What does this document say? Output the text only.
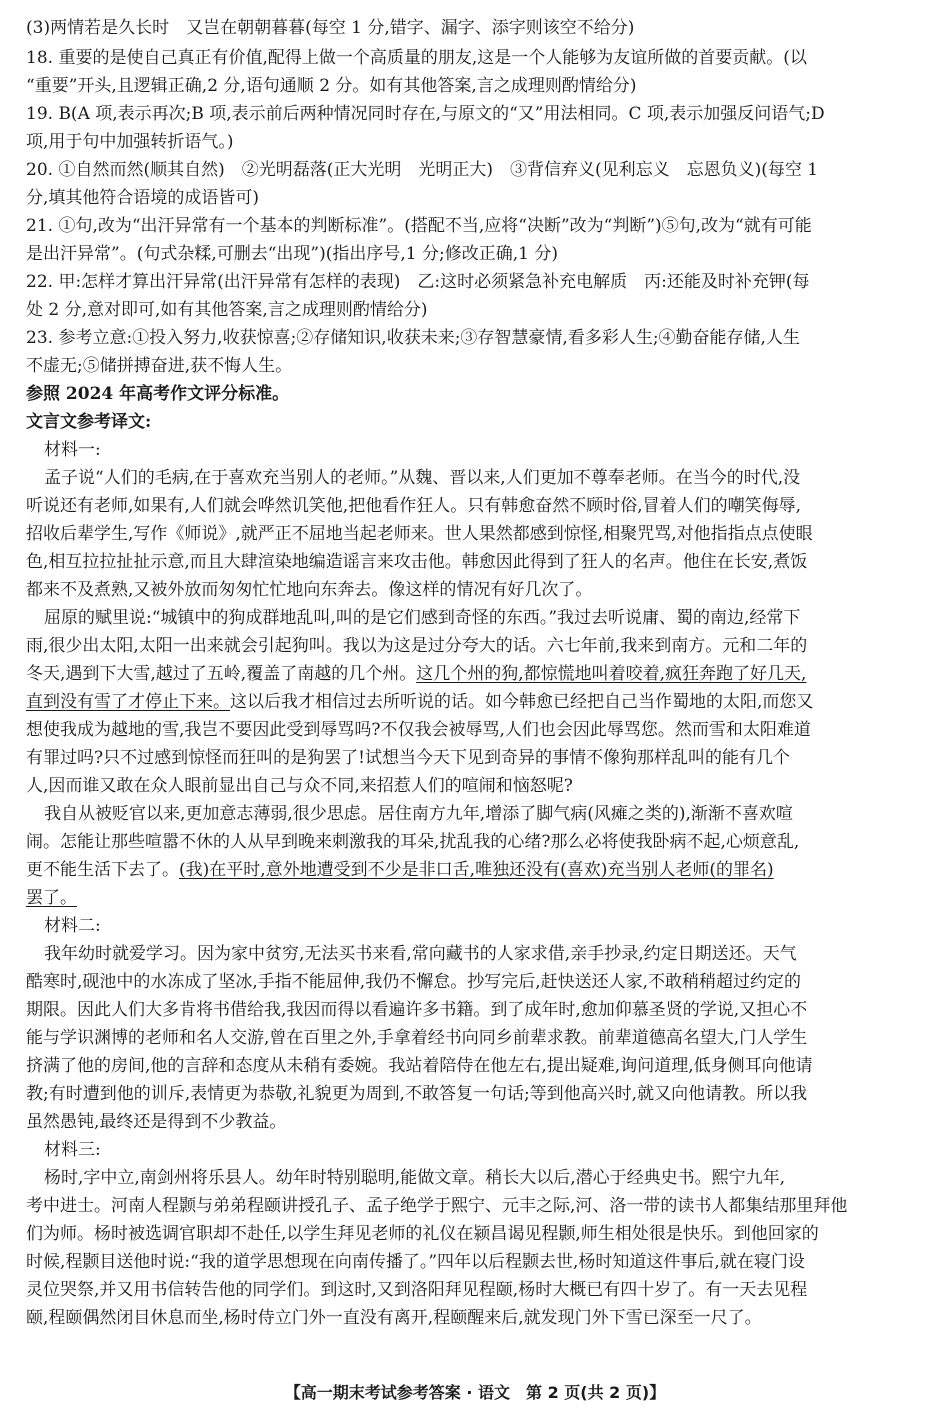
(3)两情若是久长时　又岂在朝朝暮暮(每空 1 分,错字、漏字、添字则该空不给分)
18. 重要的是使自己真正有价值,配得上做一个高质量的朋友,这是一个人能够为友谊所做的首要贡献。(以
“重要”开头,且逻辑正确,2 分,语句通顺 2 分。如有其他答案,言之成理则酌情给分)
19. B(A 项,表示再次;B 项,表示前后两种情况同时存在,与原文的“又”用法相同。C 项,表示加强反问语气;D
项,用于句中加强转折语气。)
20. ①自然而然(顺其自然)　②光明磊落(正大光明　光明正大)　③背信弃义(见利忘义　忘恩负义)(每空 1
分,填其他符合语境的成语皆可)
21. ①句,改为“出汗异常有一个基本的判断标准”。(搭配不当,应将“决断”改为“判断”)⑤句,改为“就有可能
是出汗异常”。(句式杂糅,可删去“出现”)(指出序号,1 分;修改正确,1 分)
22. 甲:怎样才算出汗异常(出汗异常有怎样的表现)　乙:这时必须紧急补充电解质　丙:还能及时补充钾(每
处 2 分,意对即可,如有其他答案,言之成理则酌情给分)
23. 参考立意:①投入努力,收获惊喜;②存储知识,收获未来;③存智慧豪情,看多彩人生;④勤奋能存储,人生
不虚无;⑤储拼搏奋进,获不悔人生。
参照 2024 年高考作文评分标准。
文言文参考译文:
材料一:
孟子说“人们的毛病,在于喜欢充当别人的老师。”从魏、晋以来,人们更加不尊奉老师。在当今的时代,没
听说还有老师,如果有,人们就会哗然讥笑他,把他看作狂人。只有韩愈奋然不顾时俗,冒着人们的嘲笑侮辱,
招收后辈学生,写作《师说》,就严正不屈地当起老师来。世人果然都感到惊怪,相聚咒骂,对他指指点点使眼
色,相互拉拉扯扯示意,而且大肆渲染地编造谣言来攻击他。韩愈因此得到了狂人的名声。他住在长安,煮饭
都来不及煮熟,又被外放而匆匆忙忙地向东奔去。像这样的情况有好几次了。
屈原的赋里说:“城镇中的狗成群地乱叫,叫的是它们感到奇怪的东西。”我过去听说庸、蜀的南边,经常下
雨,很少出太阳,太阳一出来就会引起狗叫。我以为这是过分夸大的话。六七年前,我来到南方。元和二年的
冬天,遇到下大雪,越过了五岭,覆盖了南越的几个州。这几个州的狗,都惊慌地叫着咬着,疯狂奔跑了好几天,
直到没有雪了才停止下来。这以后我才相信过去所听说的话。如今韩愈已经把自己当作蜀地的太阳,而您又
想使我成为越地的雪,我岂不要因此受到辱骂吗?不仅我会被辱骂,人们也会因此辱骂您。然而雪和太阳难道
有罪过吗?只不过感到惊怪而狂叫的是狗罢了!试想当今天下见到奇异的事情不像狗那样乱叫的能有几个
人,因而谁又敢在众人眼前显出自己与众不同,来招惹人们的喧闹和恼怒呢?
我自从被贬官以来,更加意志薄弱,很少思虑。居住南方九年,增添了脚气病(风瘫之类的),渐渐不喜欢喧
闹。怎能让那些喧嚣不休的人从早到晚来刺激我的耳朵,扰乱我的心绪?那么必将使我卧病不起,心烦意乱,
更不能生活下去了。(我)在平时,意外地遭受到不少是非口舌,唯独还没有(喜欢)充当别人老师(的罪名)
罢了。
材料二:
我年幼时就爱学习。因为家中贫穷,无法买书来看,常向藏书的人家求借,亲手抄录,约定日期送还。天气
酷寒时,砚池中的水冻成了坚冰,手指不能屈伸,我仍不懈怠。抄写完后,赶快送还人家,不敢稍稍超过约定的
期限。因此人们大多肯将书借给我,我因而得以看遍许多书籍。到了成年时,愈加仰慕圣贤的学说,又担心不
能与学识渊博的老师和名人交游,曾在百里之外,手拿着经书向同乡前辈求教。前辈道德高名望大,门人学生
挤满了他的房间,他的言辞和态度从未稍有委婉。我站着陪侍在他左右,提出疑难,询问道理,低身侧耳向他请
教;有时遭到他的训斥,表情更为恭敬,礼貌更为周到,不敢答复一句话;等到他高兴时,就又向他请教。所以我
虽然愚钝,最终还是得到不少教益。
材料三:
杨时,字中立,南剑州将乐县人。幼年时特别聪明,能做文章。稍长大以后,潜心于经典史书。熙宁九年,
考中进士。河南人程颢与弟弟程颐讲授孔子、孟子绝学于熙宁、元丰之际,河、洛一带的读书人都集结那里拜他
们为师。杨时被选调官职却不赴任,以学生拜见老师的礼仪在颍昌谒见程颢,师生相处很是快乐。到他回家的
时候,程颢目送他时说:“我的道学思想现在向南传播了。”四年以后程颢去世,杨时知道这件事后,就在寝门设
灵位哭祭,并又用书信转告他的同学们。到这时,又到洛阳拜见程颐,杨时大概已有四十岁了。有一天去见程
颐,程颐偶然闭目休息而坐,杨时侍立门外一直没有离开,程颐醒来后,就发现门外下雪已深至一尺了。
【高一期末考试参考答案 · 语文　第 2 页(共 2 页)】
